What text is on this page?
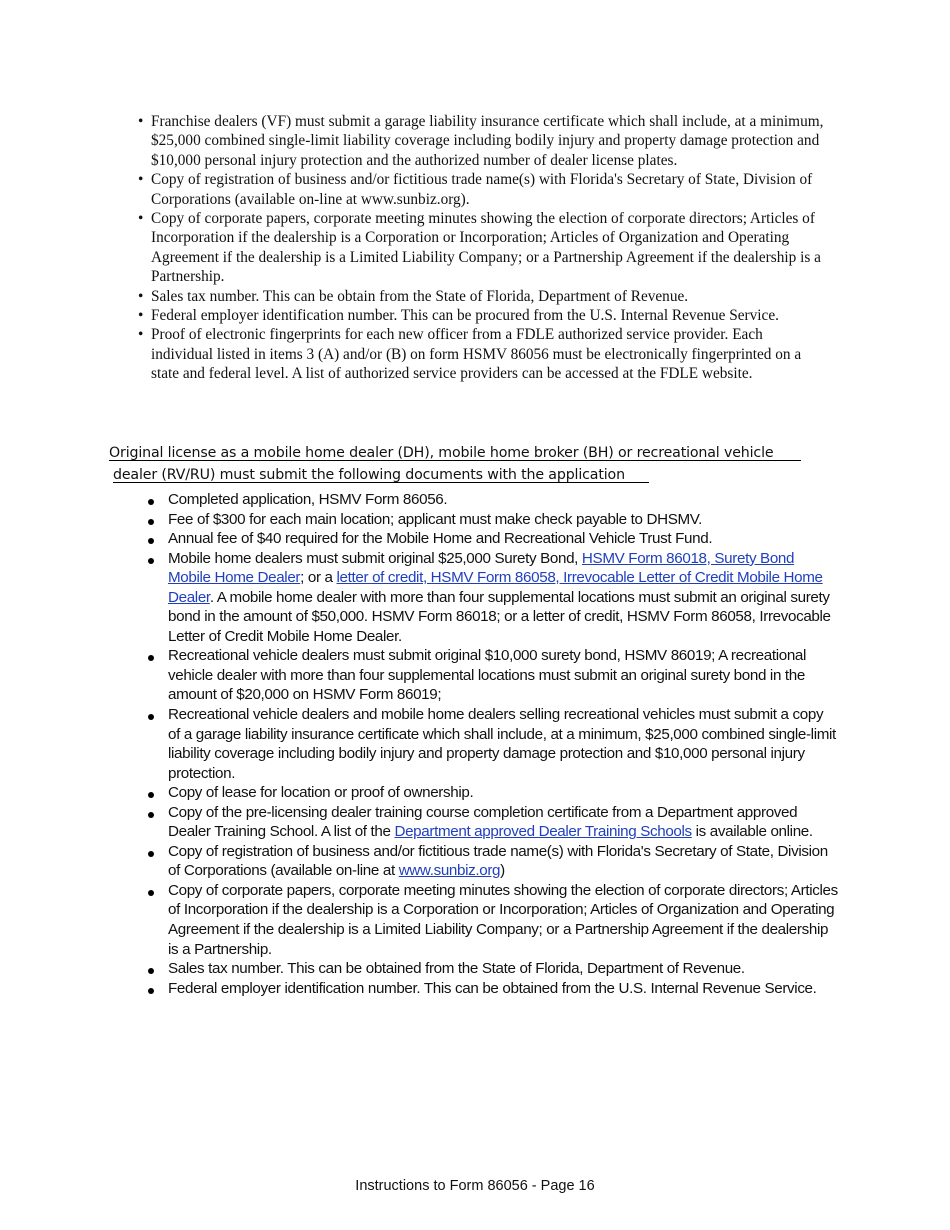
• Franchise dealers (VF) must submit a garage liability insurance certificate which shall include, at a minimum, $25,000 combined single-limit liability coverage including bodily injury and property damage protection and $10,000 personal injury protection and the authorized number of dealer license plates.
• Copy of registration of business and/or fictitious trade name(s) with Florida's Secretary of State, Division of Corporations (available on-line at www.sunbiz.org).
• Copy of corporate papers, corporate meeting minutes showing the election of corporate directors; Articles of Incorporation if the dealership is a Corporation or Incorporation; Articles of Organization and Operating Agreement if the dealership is a Limited Liability Company; or a Partnership Agreement if the dealership is a Partnership.
• Sales tax number. This can be obtain from the State of Florida, Department of Revenue.
• Federal employer identification number. This can be procured from the U.S. Internal Revenue Service.
• Proof of electronic fingerprints for each new officer from a FDLE authorized service provider. Each individual listed in items 3 (A) and/or (B) on form HSMV 86056 must be electronically fingerprinted on a state and federal level. A list of authorized service providers can be accessed at the FDLE website.
Original license as a mobile home dealer (DH), mobile home broker (BH) or recreational vehicle
dealer (RV/RU) must submit the following documents with the application
Completed application, HSMV Form 86056.
Fee of $300 for each main location; applicant must make check payable to DHSMV.
Annual fee of $40 required for the Mobile Home and Recreational Vehicle Trust Fund.
Mobile home dealers must submit original $25,000 Surety Bond, HSMV Form 86018, Surety Bond Mobile Home Dealer; or a letter of credit, HSMV Form 86058, Irrevocable Letter of Credit Mobile Home Dealer. A mobile home dealer with more than four supplemental locations must submit an original surety bond in the amount of $50,000. HSMV Form 86018; or a letter of credit, HSMV Form 86058, Irrevocable Letter of Credit Mobile Home Dealer.
Recreational vehicle dealers must submit original $10,000 surety bond, HSMV 86019; A recreational vehicle dealer with more than four supplemental locations must submit an original surety bond in the amount of $20,000 on HSMV Form 86019;
Recreational vehicle dealers and mobile home dealers selling recreational vehicles must submit a copy of a garage liability insurance certificate which shall include, at a minimum, $25,000 combined single-limit liability coverage including bodily injury and property damage protection and $10,000 personal injury protection.
Copy of lease for location or proof of ownership.
Copy of the pre-licensing dealer training course completion certificate from a Department approved Dealer Training School. A list of the Department approved Dealer Training Schools is available online.
Copy of registration of business and/or fictitious trade name(s) with Florida's Secretary of State, Division of Corporations (available on-line at www.sunbiz.org)
Copy of corporate papers, corporate meeting minutes showing the election of corporate directors; Articles of Incorporation if the dealership is a Corporation or Incorporation; Articles of Organization and Operating Agreement if the dealership is a Limited Liability Company; or a Partnership Agreement if the dealership is a Partnership.
Sales tax number. This can be obtained from the State of Florida, Department of Revenue.
Federal employer identification number. This can be obtained from the U.S. Internal Revenue Service.
Instructions to Form 86056 - Page 16
